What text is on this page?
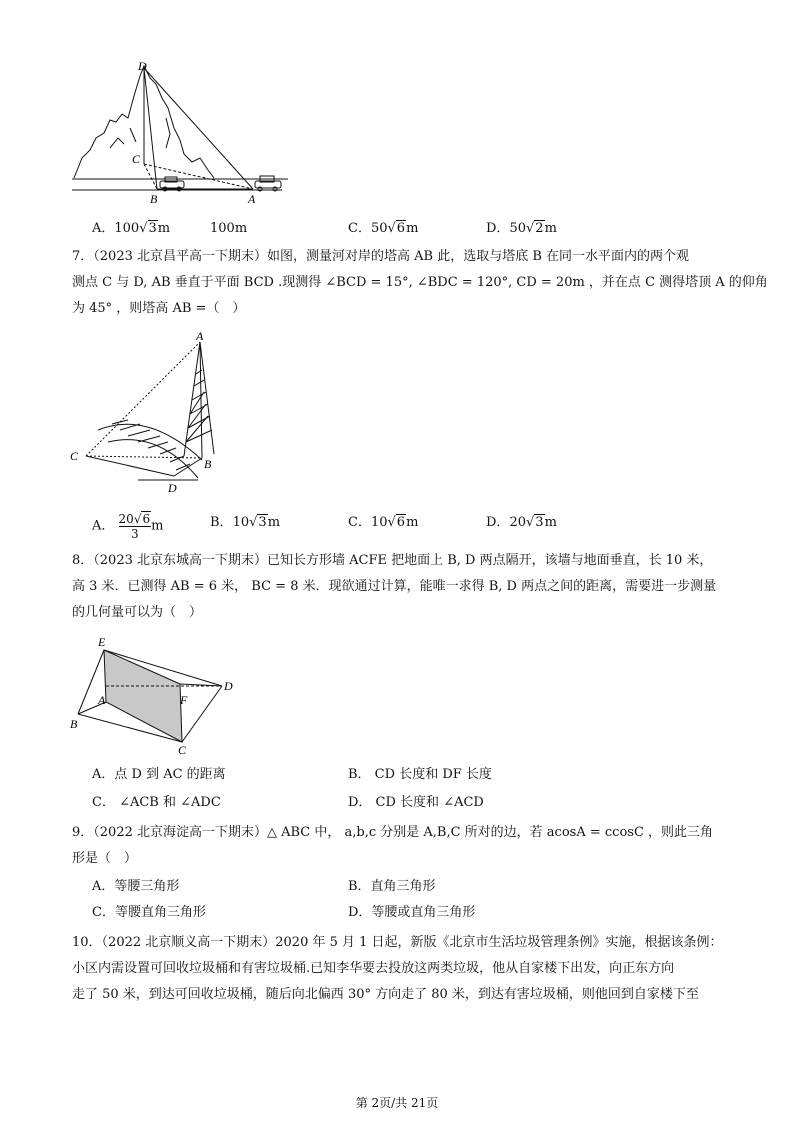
D
C
B	A
A．100√3m	100m	C．50√6m	D．50√2m
7．（2023 北京昌平高一下期末）如图，测量河对岸的塔高 AB 此，选取与塔底 B 在同一水平面内的两个观
测点 C 与 D, AB 垂直于平面 BCD .现测得 ∠BCD = 15°, ∠BDC = 120°, CD = 20m ，并在点 C 测得塔顶 A 的仰角
为 45° ，则塔高 AB =（　）
A
C
B
D
A． $\frac{20√6}{3}$ m	B．10√3m	C．10√6m	D．20√3m
8．（2023 北京东城高一下期末）已知长方形墙 ACFE 把地面上 B, D 两点隔开，该墙与地面垂直，长 10 米，
高 3 米．已测得 AB = 6 米， BC = 8 米．现欲通过计算，能唯一求得 B, D 两点之间的距离，需要进一步测量
的几何量可以为（　）
E
A	F
D
B
C
A．点 D 到 AC 的距离	B． CD 长度和 DF 长度
C． ∠ACB 和 ∠ADC	D． CD 长度和 ∠ACD
9．（2022 北京海淀高一下期末）△ ABC 中， a,b,c 分别是 A,B,C 所对的边，若 acosA = ccosC ，则此三角
形是（　）
A．等腰三角形	B．直角三角形
C．等腰直角三角形	D．等腰或直角三角形
10．（2022 北京顺义高一下期末）2020 年 5 月 1 日起，新版《北京市生活垃圾管理条例》实施，根据该条例：
小区内需设置可回收垃圾桶和有害垃圾桶.已知李华要去投放这两类垃圾，他从自家楼下出发，向正东方向
走了 50 米，到达可回收垃圾桶，随后向北偏西 30° 方向走了 80 米，到达有害垃圾桶，则他回到自家楼下至
第 2页/共 21页
